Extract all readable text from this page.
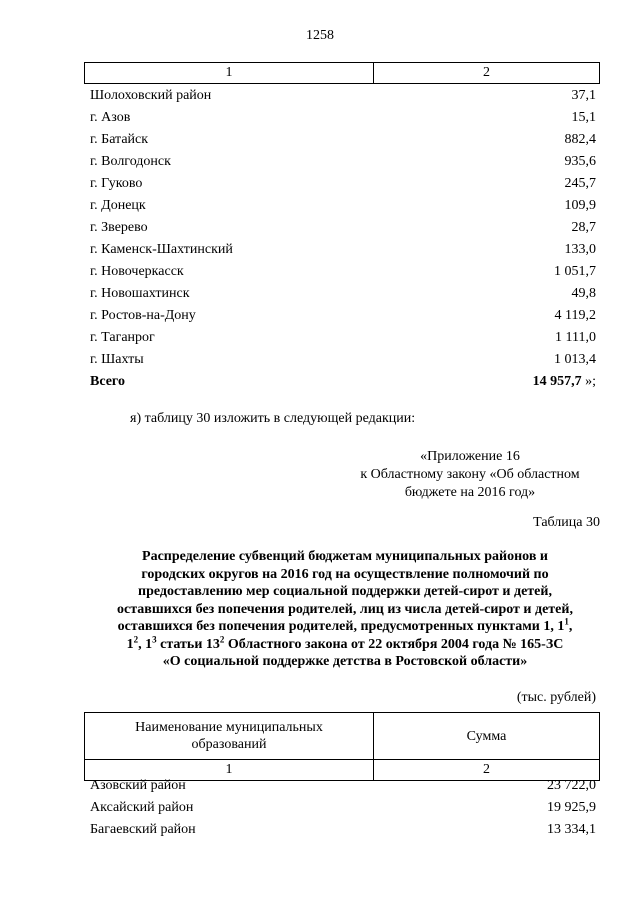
1258
1	2
Шолоховский район	37,1
г. Азов	15,1
г. Батайск	882,4
г. Волгодонск	935,6
г. Гуково	245,7
г. Донецк	109,9
г. Зверево	28,7
г. Каменск-Шахтинский	133,0
г. Новочеркасск	1 051,7
г. Новошахтинск	49,8
г. Ростов-на-Дону	4 119,2
г. Таганрог	1 111,0
г. Шахты	1 013,4
Всего	14 957,7 »;
я) таблицу 30 изложить в следующей редакции:
«Приложение 16
к Областному закону «Об областном
бюджете на 2016 год»
Таблица 30
Распределение субвенций бюджетам муниципальных районов и
городских округов на 2016 год на осуществление полномочий по
предоставлению мер социальной поддержки детей-сирот и детей,
оставшихся без попечения родителей, лиц из числа детей-сирот и детей,
оставшихся без попечения родителей, предусмотренных пунктами 1, $1^1$,
$1^2$, $1^3$ статьи $13^2$ Областного закона от 22 октября 2004 года № 165-ЗС
«О социальной поддержке детства в Ростовской области»
(тыс. рублей)
Наименование муниципальных образований	Сумма
1	2
Азовский район	23 722,0
Аксайский район	19 925,9
Багаевский район	13 334,1
